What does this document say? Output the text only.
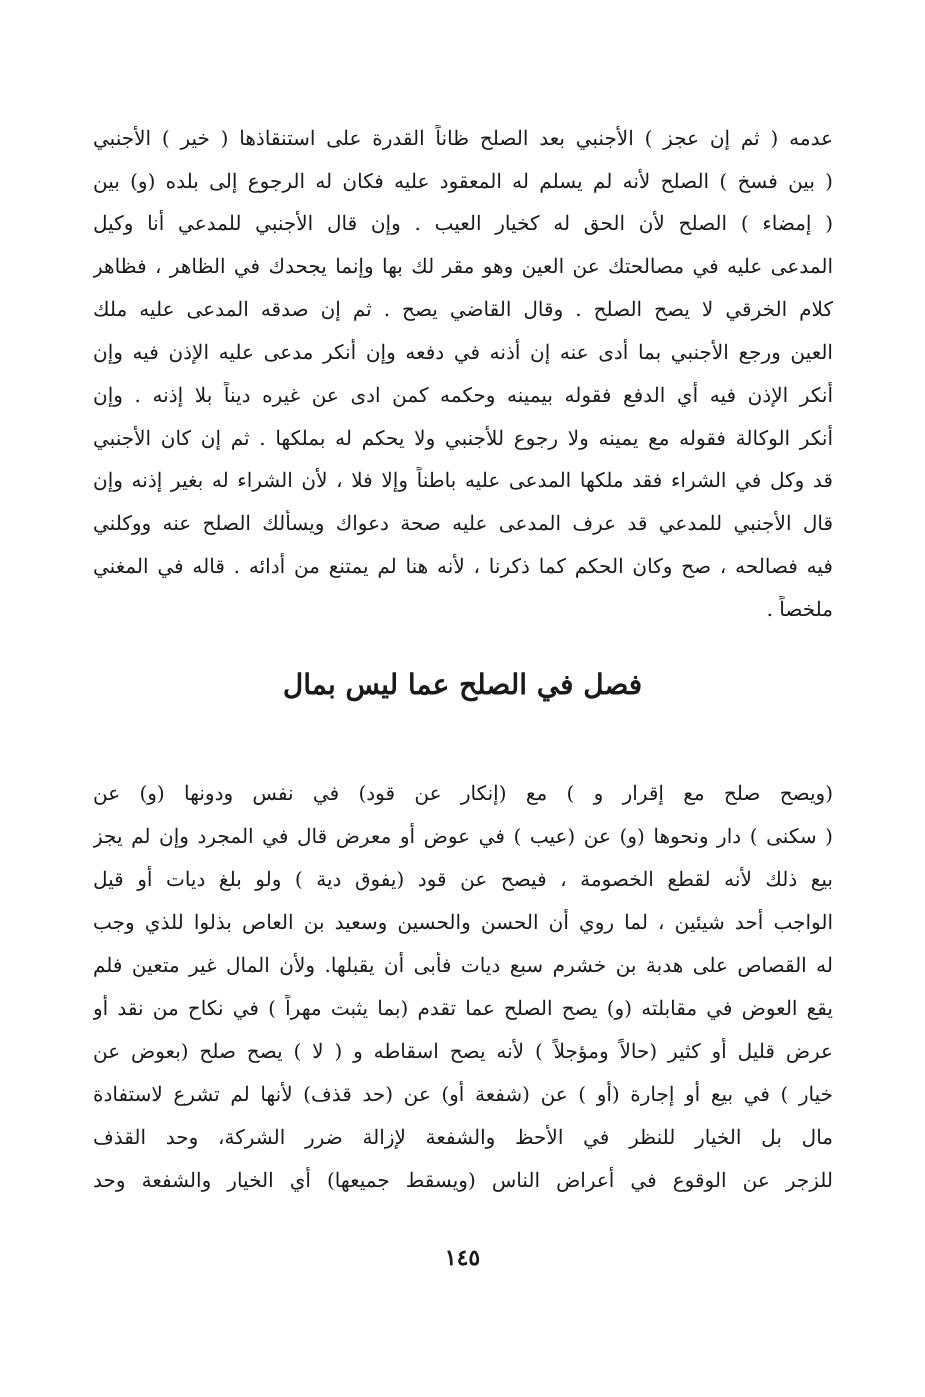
عدمه ( ثم إن عجز ) الأجنبي بعد الصلح ظاناً القدرة على استنقاذها ( خير ) الأجنبي
( بين فسخ ) الصلح لأنه لم يسلم له المعقود عليه فكان له الرجوع إلى بلده (و) بين
( إمضاء ) الصلح لأن الحق له كخيار العيب . وإن قال الأجنبي للمدعي أنا وكيل
المدعى عليه في مصالحتك عن العين وهو مقر لك بها وإنما يجحدك في الظاهر ، فظاهر
كلام الخرقي لا يصح الصلح . وقال القاضي يصح . ثم إن صدقه المدعى عليه ملك
العين ورجع الأجنبي بما أدى عنه إن أذنه في دفعه وإن أنكر مدعى عليه الإذن فيه وإن
أنكر الإذن فيه أي الدفع فقوله بيمينه وحكمه كمن ادى عن غيره ديناً بلا إذنه . وإن
أنكر الوكالة فقوله مع يمينه ولا رجوع للأجنبي ولا يحكم له بملكها . ثم إن كان الأجنبي
قد وكل في الشراء فقد ملكها المدعى عليه باطناً وإلا فلا ، لأن الشراء له بغير إذنه وإن
قال الأجنبي للمدعي قد عرف المدعى عليه صحة دعواك ويسألك الصلح عنه ووكلني
فيه فصالحه ، صح وكان الحكم كما ذكرنا ، لأنه هنا لم يمتنع من أدائه . قاله في المغني
ملخصاً .
فصل في الصلح عما ليس بمال
(ويصح صلح مع إقرار و ) مع (إنكار عن قود) في نفس ودونها (و) عن
( سكنى ) دار ونحوها (و) عن (عيب ) في عوض أو معرض قال في المجرد وإن لم يجز
بيع ذلك لأنه لقطع الخصومة ، فيصح عن قود (يفوق دية ) ولو بلغ ديات أو قيل
الواجب أحد شيئين ، لما روي أن الحسن والحسين وسعيد بن العاص بذلوا للذي وجب
له القصاص على هدبة بن خشرم سبع ديات فأبى أن يقبلها. ولأن المال غير متعين فلم
يقع العوض في مقابلته (و) يصح الصلح عما تقدم (بما يثبت مهراً ) في نكاح من نقد أو
عرض قليل أو كثير (حالاً ومؤجلاً ) لأنه يصح اسقاطه و ( لا ) يصح صلح (بعوض عن
خيار ) في بيع أو إجارة (أو ) عن (شفعة أو) عن (حد قذف) لأنها لم تشرع لاستفادة
مال بل الخيار للنظر في الأحظ والشفعة لإزالة ضرر الشركة، وحد القذف
للزجر عن الوقوع في أعراض الناس (ويسقط جميعها) أي الخيار والشفعة وحد
١٤٥
